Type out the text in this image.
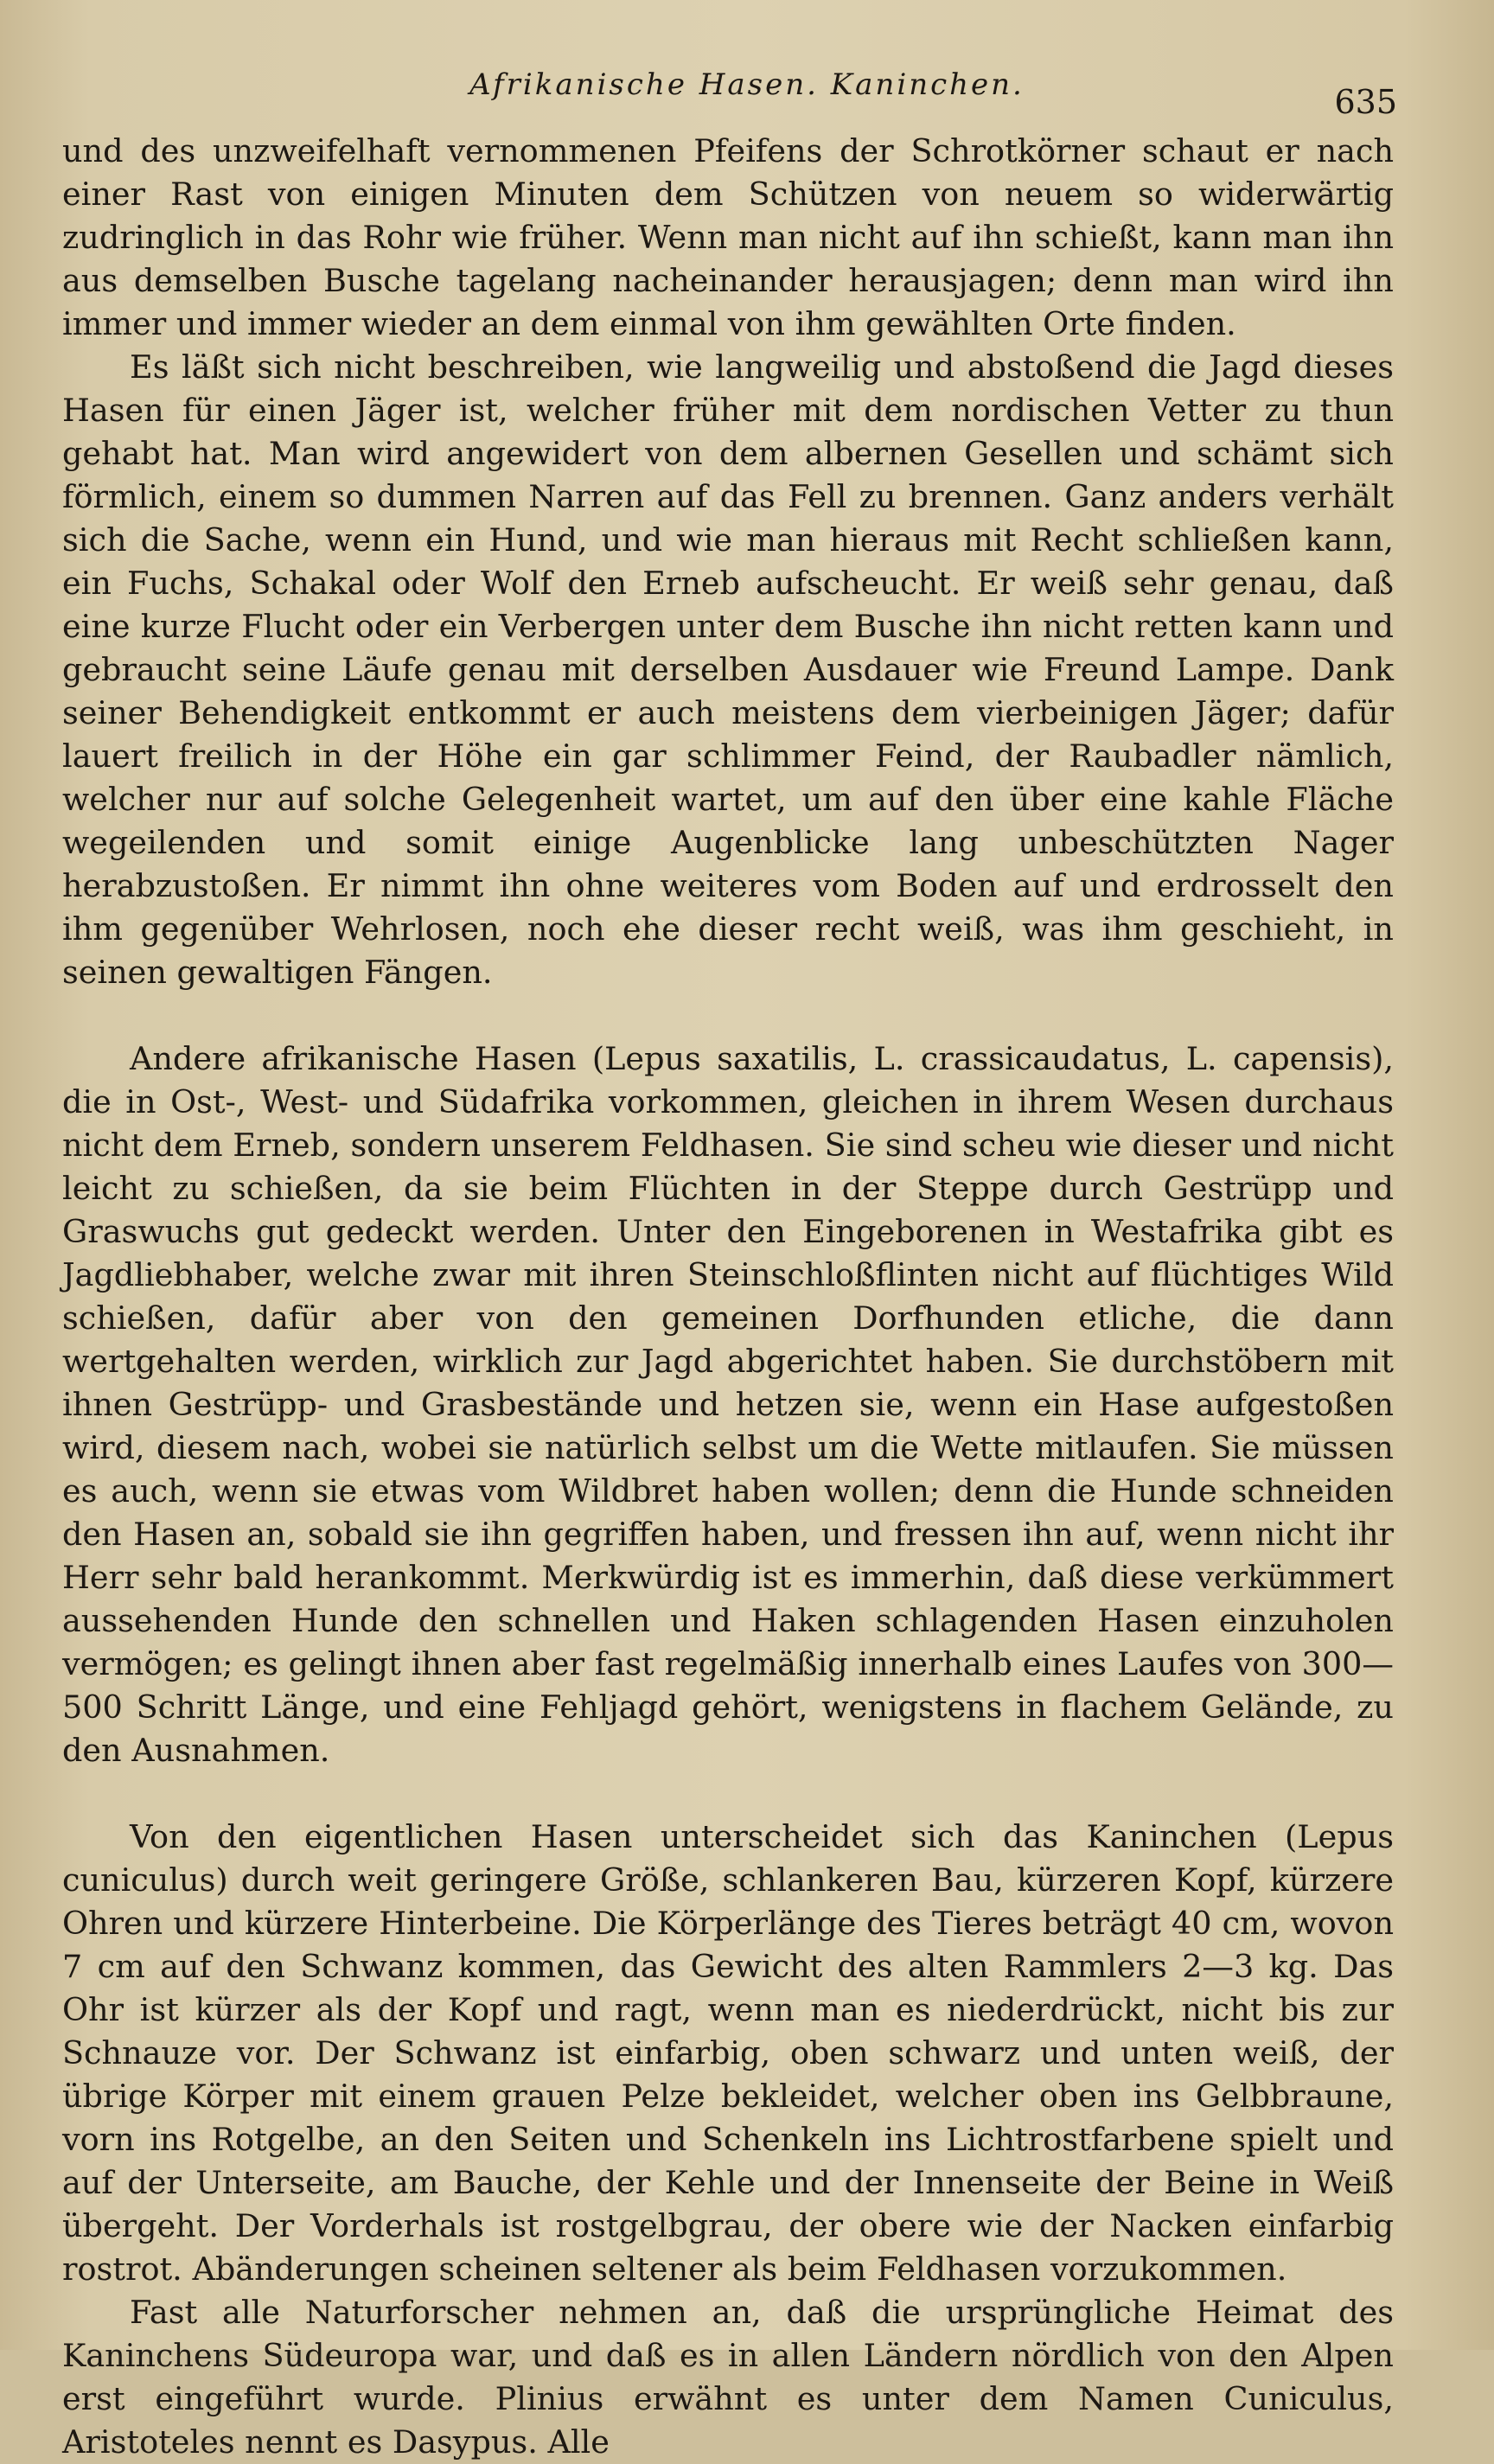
Afrikanische Hasen. Kaninchen.	635

und des unzweifelhaft vernommenen Pfeifens der Schrotkörner schaut er nach einer Rast von einigen Minuten dem Schützen von neuem so widerwärtig zudringlich in das Rohr wie früher. Wenn man nicht auf ihn schießt, kann man ihn aus demselben Busche tagelang nacheinander herausjagen; denn man wird ihn immer und immer wieder an dem einmal von ihm gewählten Orte finden.

Es läßt sich nicht beschreiben, wie langweilig und abstoßend die Jagd dieses Hasen für einen Jäger ist, welcher früher mit dem nordischen Vetter zu thun gehabt hat. Man wird angewidert von dem albernen Gesellen und schämt sich förmlich, einem so dummen Narren auf das Fell zu brennen. Ganz anders verhält sich die Sache, wenn ein Hund, und wie man hieraus mit Recht schließen kann, ein Fuchs, Schakal oder Wolf den Erneb aufscheucht. Er weiß sehr genau, daß eine kurze Flucht oder ein Verbergen unter dem Busche ihn nicht retten kann und gebraucht seine Läufe genau mit derselben Ausdauer wie Freund Lampe. Dank seiner Behendigkeit entkommt er auch meistens dem vierbeinigen Jäger; dafür lauert freilich in der Höhe ein gar schlimmer Feind, der Raubadler nämlich, welcher nur auf solche Gelegenheit wartet, um auf den über eine kahle Fläche wegeilenden und somit einige Augenblicke lang unbeschützten Nager herabzustoßen. Er nimmt ihn ohne weiteres vom Boden auf und erdrosselt den ihm gegenüber Wehrlosen, noch ehe dieser recht weiß, was ihm geschieht, in seinen gewaltigen Fängen.

Andere afrikanische Hasen (Lepus saxatilis, L. crassicaudatus, L. capensis), die in Ost-, West- und Südafrika vorkommen, gleichen in ihrem Wesen durchaus nicht dem Erneb, sondern unserem Feldhasen. Sie sind scheu wie dieser und nicht leicht zu schießen, da sie beim Flüchten in der Steppe durch Gestrüpp und Graswuchs gut gedeckt werden. Unter den Eingeborenen in Westafrika gibt es Jagdliebhaber, welche zwar mit ihren Steinschloßflinten nicht auf flüchtiges Wild schießen, dafür aber von den gemeinen Dorfhunden etliche, die dann wertgehalten werden, wirklich zur Jagd abgerichtet haben. Sie durchstöbern mit ihnen Gestrüpp- und Grasbestände und hetzen sie, wenn ein Hase aufgestoßen wird, diesem nach, wobei sie natürlich selbst um die Wette mitlaufen. Sie müssen es auch, wenn sie etwas vom Wildbret haben wollen; denn die Hunde schneiden den Hasen an, sobald sie ihn gegriffen haben, und fressen ihn auf, wenn nicht ihr Herr sehr bald herankommt. Merkwürdig ist es immerhin, daß diese verkümmert aussehenden Hunde den schnellen und Haken schlagenden Hasen einzuholen vermögen; es gelingt ihnen aber fast regelmäßig innerhalb eines Laufes von 300—500 Schritt Länge, und eine Fehljagd gehört, wenigstens in flachem Gelände, zu den Ausnahmen.

Von den eigentlichen Hasen unterscheidet sich das Kaninchen (Lepus cuniculus) durch weit geringere Größe, schlankeren Bau, kürzeren Kopf, kürzere Ohren und kürzere Hinterbeine. Die Körperlänge des Tieres beträgt 40 cm, wovon 7 cm auf den Schwanz kommen, das Gewicht des alten Rammlers 2—3 kg. Das Ohr ist kürzer als der Kopf und ragt, wenn man es niederdrückt, nicht bis zur Schnauze vor. Der Schwanz ist einfarbig, oben schwarz und unten weiß, der übrige Körper mit einem grauen Pelze bekleidet, welcher oben ins Gelbbraune, vorn ins Rotgelbe, an den Seiten und Schenkeln ins Lichtrostfarbene spielt und auf der Unterseite, am Bauche, der Kehle und der Innenseite der Beine in Weiß übergeht. Der Vorderhals ist rostgelbgrau, der obere wie der Nacken einfarbig rostrot. Abänderungen scheinen seltener als beim Feldhasen vorzukommen.

Fast alle Naturforscher nehmen an, daß die ursprüngliche Heimat des Kaninchens Südeuropa war, und daß es in allen Ländern nördlich von den Alpen erst eingeführt wurde. Plinius erwähnt es unter dem Namen Cuniculus, Aristoteles nennt es Dasypus. Alle
